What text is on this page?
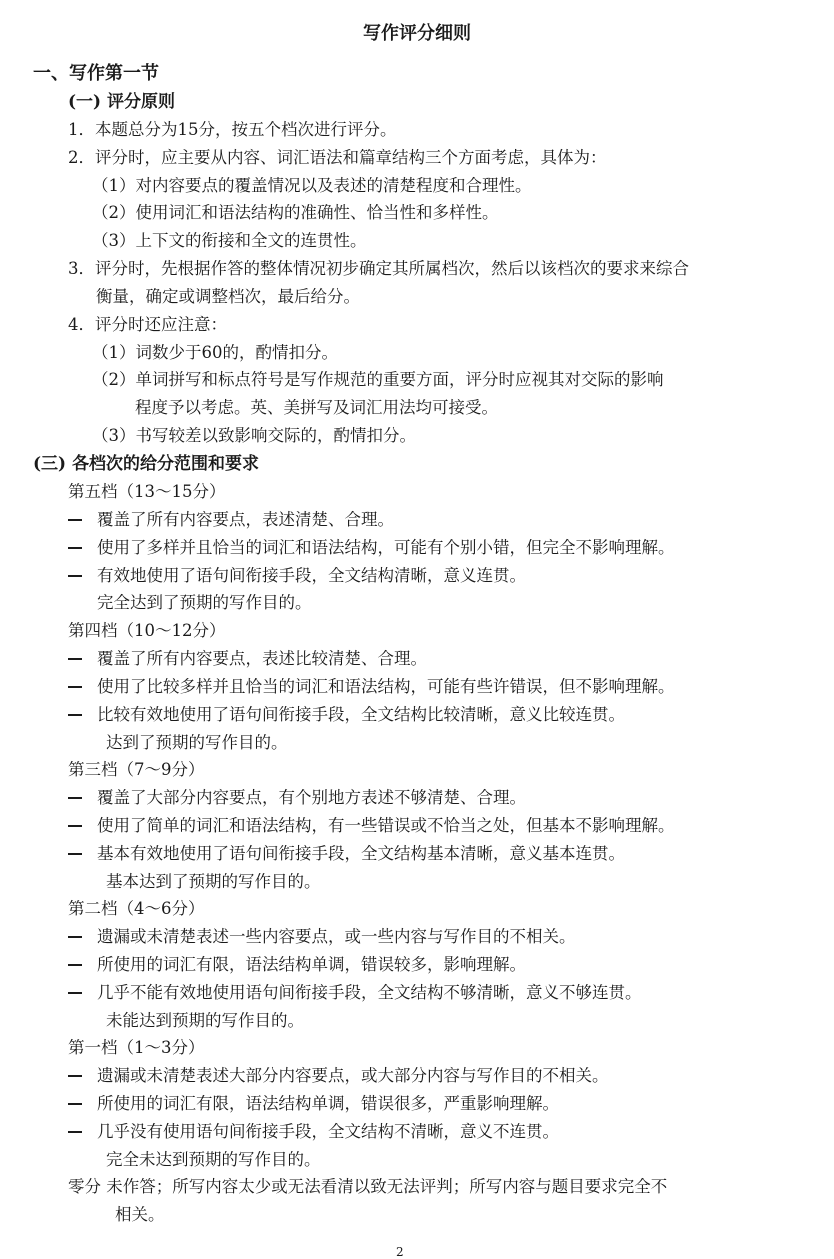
写作评分细则
一、写作第一节
(一) 评分原则
1．本题总分为15分，按五个档次进行评分。
2．评分时，应主要从内容、词汇语法和篇章结构三个方面考虑，具体为：
（1）对内容要点的覆盖情况以及表述的清楚程度和合理性。
（2）使用词汇和语法结构的准确性、恰当性和多样性。
（3）上下文的衔接和全文的连贯性。
3．评分时，先根据作答的整体情况初步确定其所属档次，然后以该档次的要求来综合
衡量，确定或调整档次，最后给分。
4．评分时还应注意：
（1）词数少于60的，酌情扣分。
（2）单词拼写和标点符号是写作规范的重要方面，评分时应视其对交际的影响
程度予以考虑。英、美拼写及词汇用法均可接受。
（3）书写较差以致影响交际的，酌情扣分。
(三) 各档次的给分范围和要求
第五档（13～15分）
覆盖了所有内容要点，表述清楚、合理。
使用了多样并且恰当的词汇和语法结构，可能有个别小错，但完全不影响理解。
有效地使用了语句间衔接手段，全文结构清晰，意义连贯。
完全达到了预期的写作目的。
第四档（10～12分）
覆盖了所有内容要点，表述比较清楚、合理。
使用了比较多样并且恰当的词汇和语法结构，可能有些许错误，但不影响理解。
比较有效地使用了语句间衔接手段，全文结构比较清晰，意义比较连贯。
达到了预期的写作目的。
第三档（7～9分）
覆盖了大部分内容要点，有个别地方表述不够清楚、合理。
使用了简单的词汇和语法结构，有一些错误或不恰当之处，但基本不影响理解。
基本有效地使用了语句间衔接手段，全文结构基本清晰，意义基本连贯。
基本达到了预期的写作目的。
第二档（4～6分）
遗漏或未清楚表述一些内容要点，或一些内容与写作目的不相关。
所使用的词汇有限，语法结构单调，错误较多，影响理解。
几乎不能有效地使用语句间衔接手段，全文结构不够清晰，意义不够连贯。
未能达到预期的写作目的。
第一档（1～3分）
遗漏或未清楚表述大部分内容要点，或大部分内容与写作目的不相关。
所使用的词汇有限，语法结构单调，错误很多，严重影响理解。
几乎没有使用语句间衔接手段，全文结构不清晰，意义不连贯。
完全未达到预期的写作目的。
零分 未作答；所写内容太少或无法看清以致无法评判；所写内容与题目要求完全不
相关。
2
